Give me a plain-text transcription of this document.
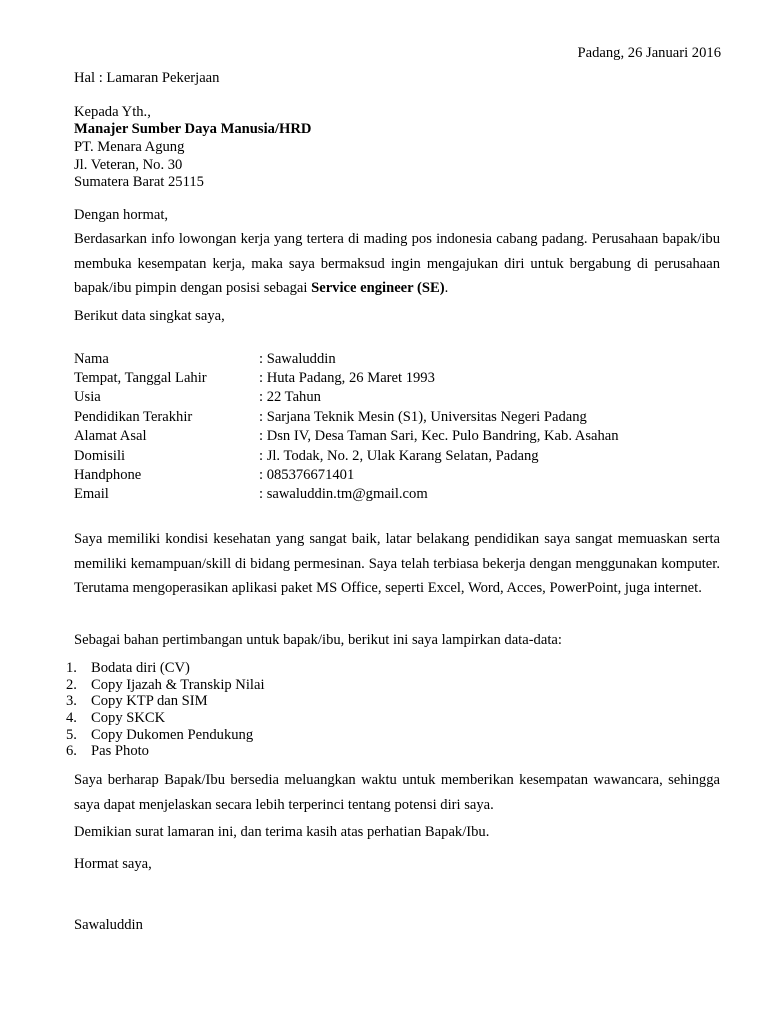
Padang, 26 Januari 2016
Hal : Lamaran Pekerjaan
Kepada Yth.,
Manajer Sumber Daya Manusia/HRD
PT. Menara Agung
Jl. Veteran, No. 30
Sumatera Barat 25115
Dengan hormat,
Berdasarkan info lowongan kerja yang tertera di mading pos indonesia cabang padang. Perusahaan bapak/ibu membuka kesempatan kerja, maka saya bermaksud ingin mengajukan diri untuk bergabung di perusahaan bapak/ibu pimpin dengan posisi sebagai Service engineer (SE).
Berikut data singkat saya,
Nama	: Sawaluddin
Tempat, Tanggal Lahir	: Huta Padang, 26 Maret 1993
Usia	: 22 Tahun
Pendidikan Terakhir	: Sarjana Teknik Mesin (S1), Universitas Negeri Padang
Alamat Asal	: Dsn IV, Desa Taman Sari, Kec. Pulo Bandring, Kab. Asahan
Domisili	: Jl. Todak, No. 2, Ulak Karang Selatan, Padang
Handphone	: 085376671401
Email	: sawaluddin.tm@gmail.com
Saya memiliki kondisi kesehatan yang sangat baik, latar belakang pendidikan saya sangat memuaskan serta memiliki kemampuan/skill di bidang permesinan. Saya telah terbiasa bekerja dengan menggunakan komputer. Terutama mengoperasikan aplikasi paket MS Office, seperti Excel, Word, Acces, PowerPoint, juga internet.
Sebagai bahan pertimbangan untuk bapak/ibu, berikut ini saya lampirkan data-data:
1. Bodata diri (CV)
2. Copy Ijazah & Transkip Nilai
3. Copy KTP dan SIM
4. Copy SKCK
5. Copy Dukomen Pendukung
6. Pas Photo
Saya berharap Bapak/Ibu bersedia meluangkan waktu untuk memberikan kesempatan wawancara, sehingga saya dapat menjelaskan secara lebih terperinci tentang potensi diri saya.
Demikian surat lamaran ini, dan terima kasih atas perhatian Bapak/Ibu.
Hormat saya,
Sawaluddin
